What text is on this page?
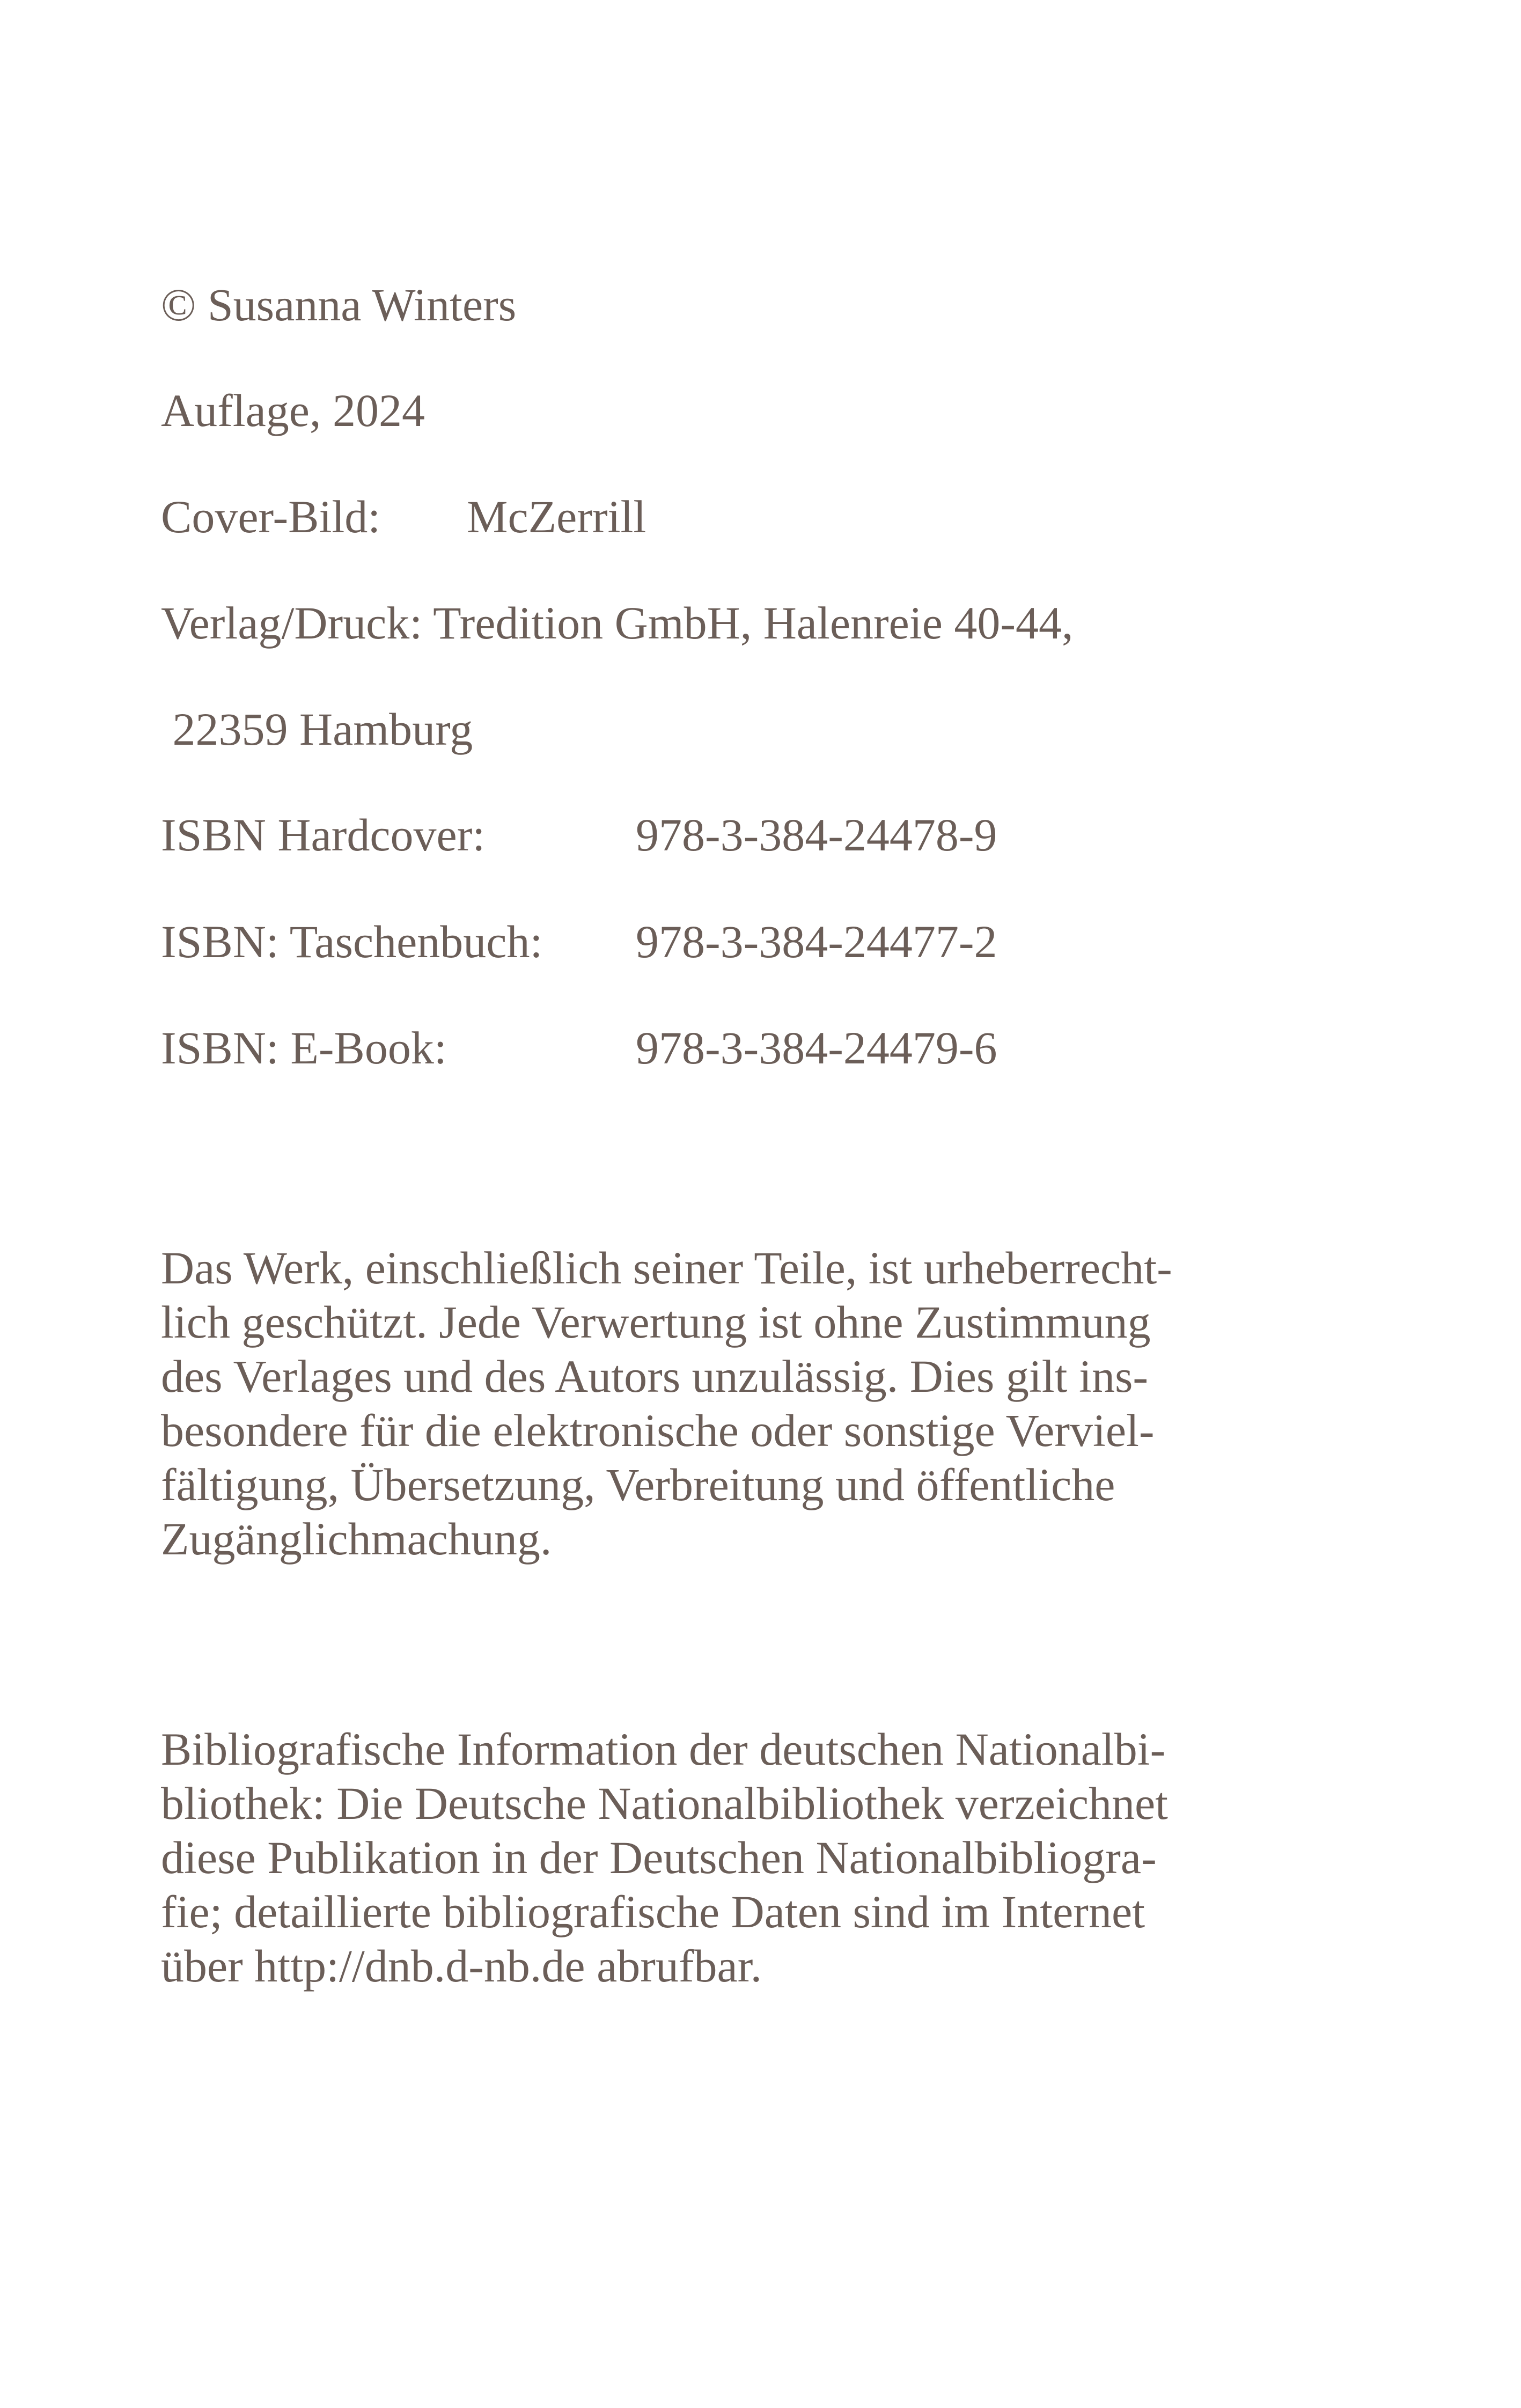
© Susanna Winters
Auflage, 2024
Cover-Bild: McZerrill
Verlag/Druck: Tredition GmbH, Halenreie 40-44,
22359 Hamburg
ISBN Hardcover:	978-3-384-24478-9
ISBN: Taschenbuch: 978-3-384-24477-2
ISBN: E-Book:	978-3-384-24479-6
Das Werk, einschließlich seiner Teile, ist urheberrecht-
lich geschützt. Jede Verwertung ist ohne Zustimmung
des Verlages und des Autors unzulässig. Dies gilt ins-
besondere für die elektronische oder sonstige Verviel-
fältigung, Übersetzung, Verbreitung und öffentliche
Zugänglichmachung.
Bibliografische Information der deutschen Nationalbi-
bliothek: Die Deutsche Nationalbibliothek verzeichnet
diese Publikation in der Deutschen Nationalbibliogra-
fie; detaillierte bibliografische Daten sind im Internet
über http://dnb.d-nb.de abrufbar.
